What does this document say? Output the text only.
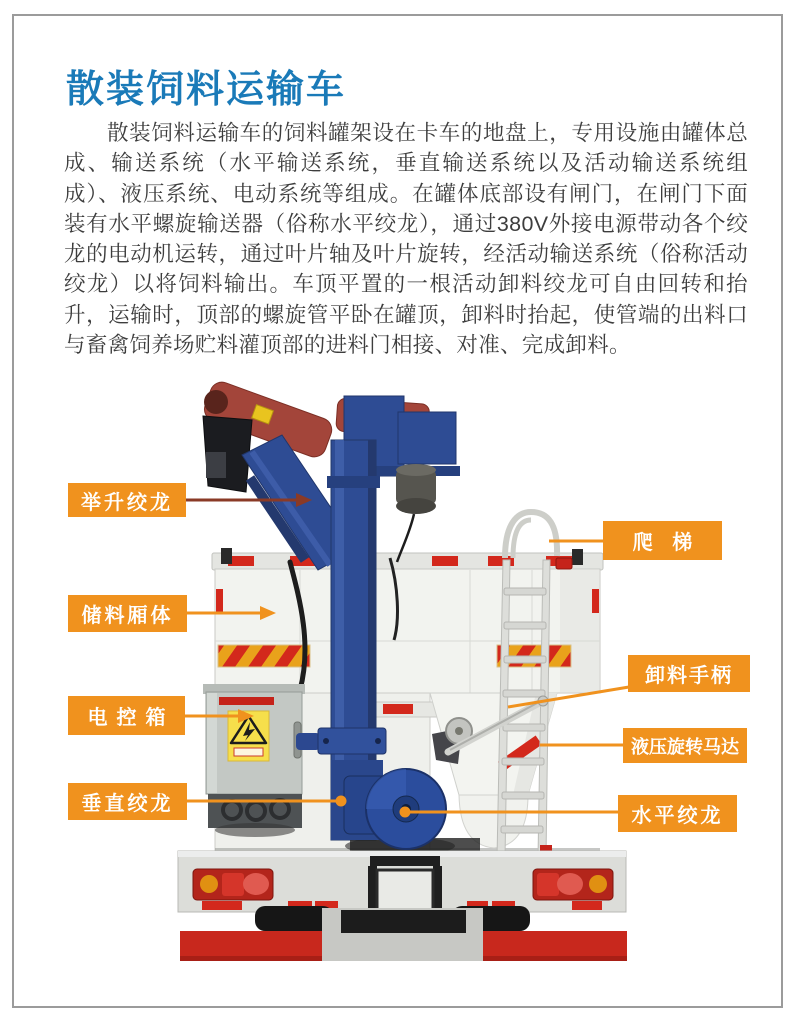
散装饲料运输车

散装饲料运输车的饲料罐架设在卡车的地盘上，专用设施由罐体总成、输送系统（水平输送系统，垂直输送系统以及活动输送系统组成）、液压系统、电动系统等组成。在罐体底部设有闸门，在闸门下面装有水平螺旋输送器（俗称水平绞龙），通过380V外接电源带动各个绞龙的电动机运转，通过叶片轴及叶片旋转，经活动输送系统（俗称活动绞龙）以将饲料输出。车顶平置的一根活动卸料绞龙可自由回转和抬升，运输时，顶部的螺旋管平卧在罐顶，卸料时抬起，使管端的出料口与畜禽饲养场贮料灌顶部的进料门相接、对准、完成卸料。

举升绞龙
储料厢体
电控箱
垂直绞龙
爬 梯
卸料手柄
液压旋转马达
水平绞龙
